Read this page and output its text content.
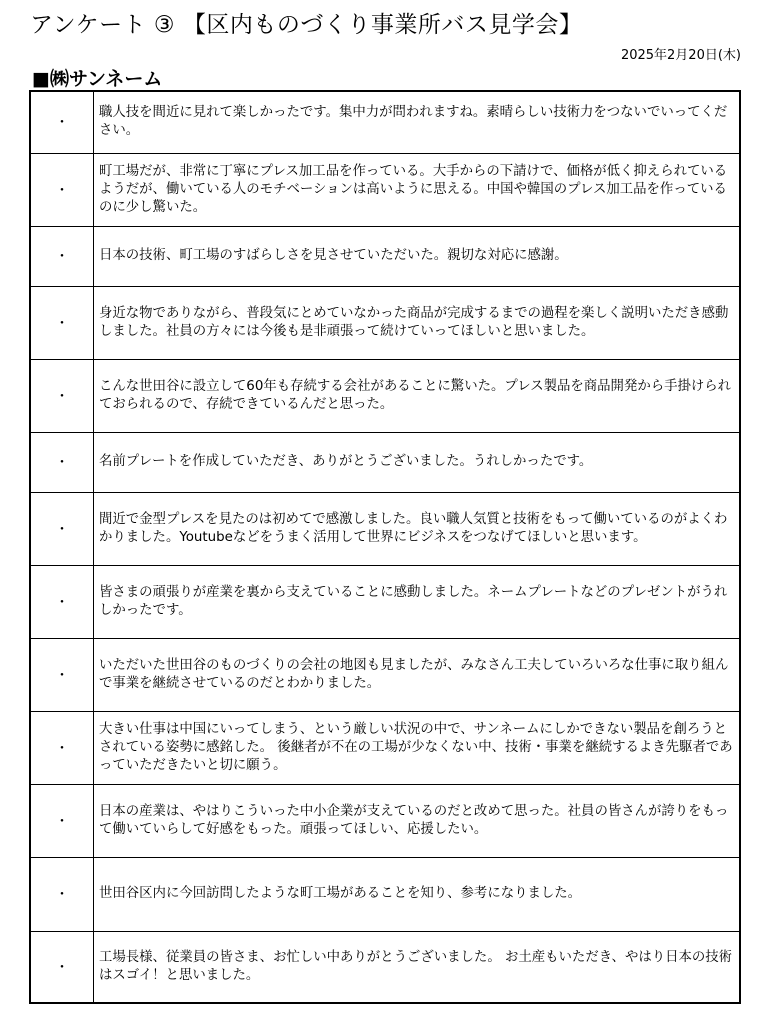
アンケート ③ 【区内ものづくり事業所バス見学会】
2025年2月20日(木)
■㈱サンネーム
・	職人技を間近に見れて楽しかったです。集中力が問われますね。素晴らしい技術力をつないでいってください。
・	町工場だが、非常に丁寧にプレス加工品を作っている。大手からの下請けで、価格が低く抑えられているようだが、働いている人のモチベーションは高いように思える。中国や韓国のプレス加工品を作っているのに少し驚いた。
・	日本の技術、町工場のすばらしさを見させていただいた。親切な対応に感謝。
・	身近な物でありながら、普段気にとめていなかった商品が完成するまでの過程を楽しく説明いただき感動しました。社員の方々には今後も是非頑張って続けていってほしいと思いました。
・	こんな世田谷に設立して60年も存続する会社があることに驚いた。プレス製品を商品開発から手掛けられておられるので、存続できているんだと思った。
・	名前プレートを作成していただき、ありがとうございました。うれしかったです。
・	間近で金型プレスを見たのは初めてで感激しました。良い職人気質と技術をもって働いているのがよくわかりました。Youtubeなどをうまく活用して世界にビジネスをつなげてほしいと思います。
・	皆さまの頑張りが産業を裏から支えていることに感動しました。ネームプレートなどのプレゼントがうれしかったです。
・	いただいた世田谷のものづくりの会社の地図も見ましたが、みなさん工夫していろいろな仕事に取り組んで事業を継続させているのだとわかりました。
・	大きい仕事は中国にいってしまう、という厳しい状況の中で、サンネームにしかできない製品を創ろうとされている姿勢に感銘した。 後継者が不在の工場が少なくない中、技術・事業を継続するよき先駆者であっていただきたいと切に願う。
・	日本の産業は、やはりこういった中小企業が支えているのだと改めて思った。社員の皆さんが誇りをもって働いていらして好感をもった。頑張ってほしい、応援したい。
・	世田谷区内に今回訪問したような町工場があることを知り、参考になりました。
・	工場長様、従業員の皆さま、お忙しい中ありがとうございました。 お土産もいただき、やはり日本の技術はスゴイ！と思いました。
